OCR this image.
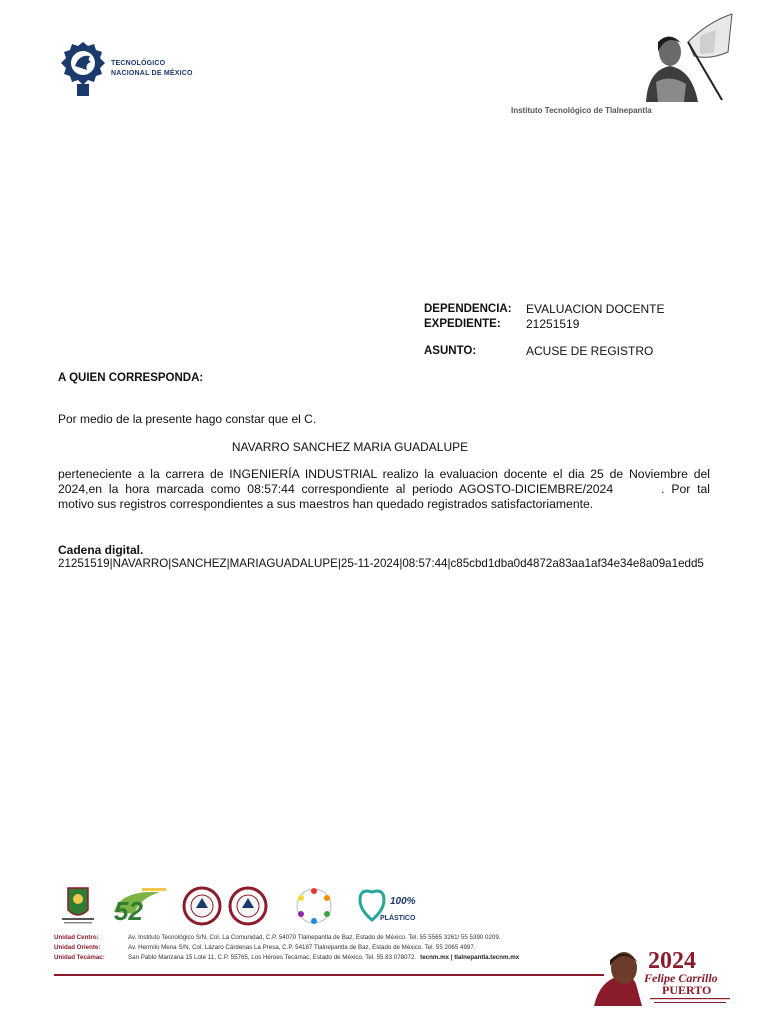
TECNOLÓGICO
NACIONAL DE MÉXICO
Instituto Tecnológico de Tlalnepantla
DEPENDENCIA: EVALUACION DOCENTE
EXPEDIENTE: 21251519
ASUNTO:	ACUSE DE REGISTRO
A QUIEN CORRESPONDA:
Por medio de la presente hago constar que el C.
NAVARRO SANCHEZ MARIA GUADALUPE
perteneciente a la carrera de INGENIERÍA INDUSTRIAL realizo la evaluacion docente el dia 25 de Noviembre del 2024,en la hora marcada como 08:57:44 correspondiente al periodo AGOSTO-DICIEMBRE/2024	. Por tal motivo sus registros correspondientes a sus maestros han quedado registrados satisfactoriamente.
Cadena digital.
21251519|NAVARRO|SANCHEZ|MARIAGUADALUPE|25-11-2024|08:57:44|c85cbd1dba0d4872a83aa1af34e34e8a09a1edd5
52	100%
PLÁSTICO
Unidad Centro:	Av. Instituto Tecnológico S/N, Col. La Comunidad, C.P. 54070 Tlalnepantla de Baz, Estado de México. Tel. 55 5565 3261/ 55 5390 0209.
Unidad Oriente:	Av. Hermilo Mena S/N, Col. Lázaro Cárdenas La Presa, C.P. 54187 Tlalnepantla de Baz, Estado de México. Tel. 55 2065 4997.
Unidad Tecámac:	San Pablo Manzana 15 Lote 11, C.P. 55765, Los Héroes Tecámac, Estado de México. Tel. 55 83 078072. tecnm.mx | tlalnepantla.tecnm.mx	2024
Felipe Carrillo
PUERTO
